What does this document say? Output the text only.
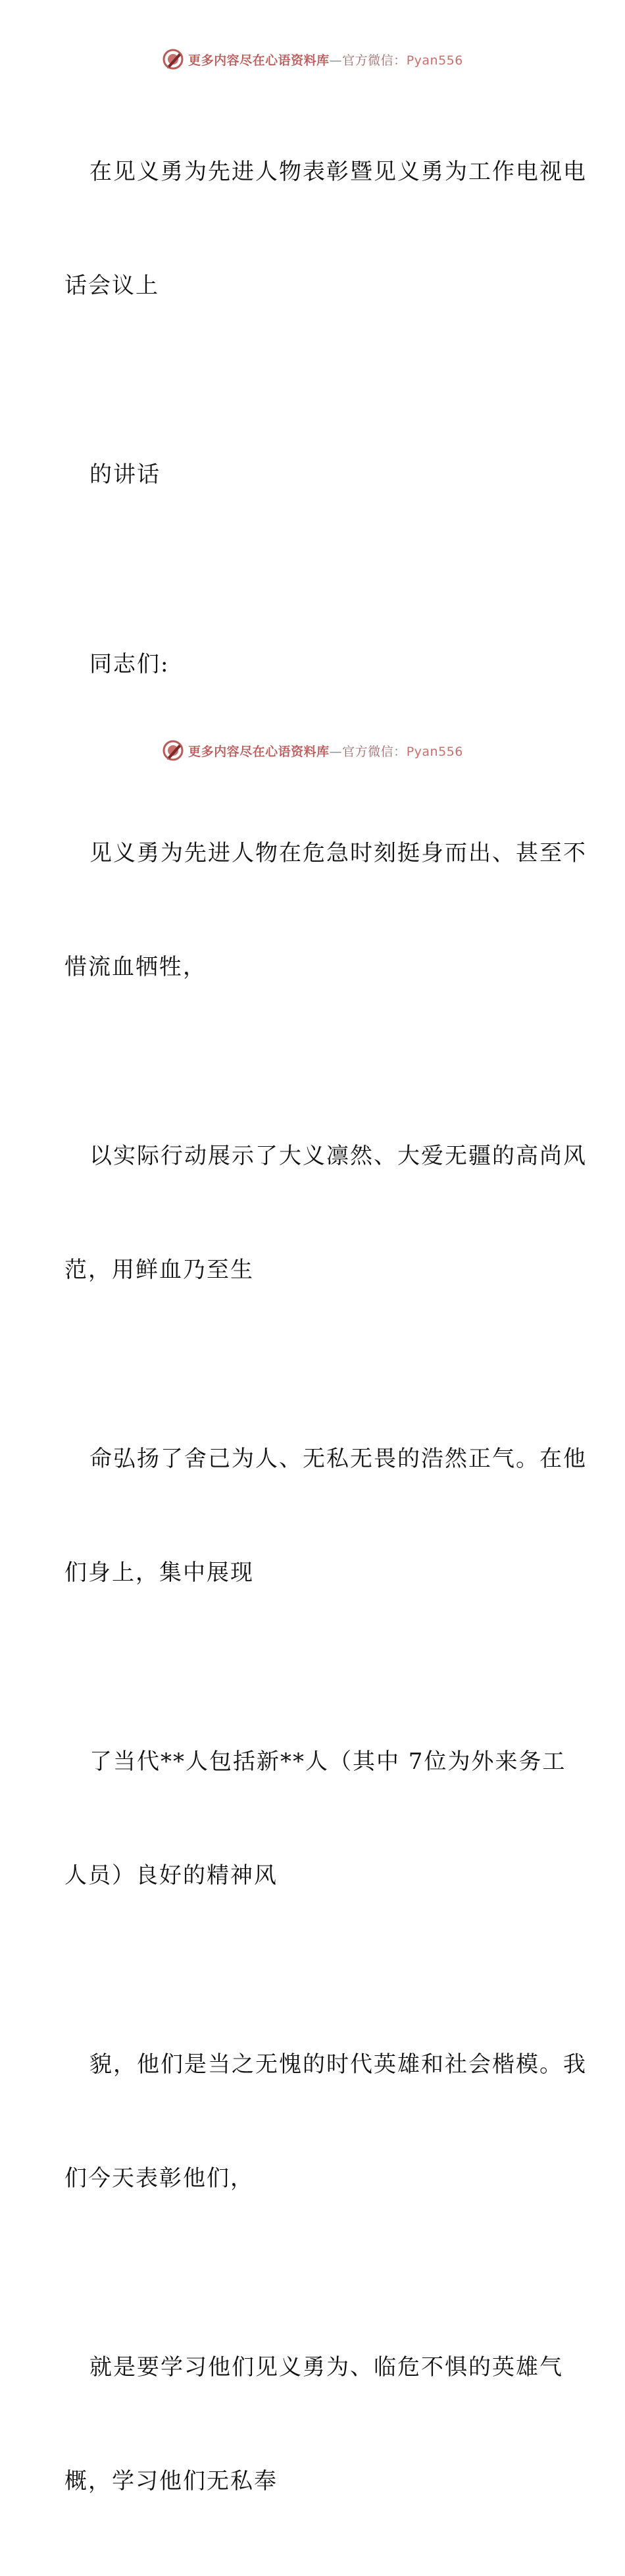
更多内容尽在心语资料库—官方微信：Pyan556

在见义勇为先进人物表彰暨见义勇为工作电视电

话会议上

的讲话

同志们:

见义勇为先进人物在危急时刻挺身而出、甚至不

惜流血牺牲，

以实际行动展示了大义凛然、大爱无疆的高尚风

范，用鲜血乃至生

命弘扬了舍己为人、无私无畏的浩然正气。在他

们身上，集中展现

了当代**人包括新**人（其中 7位为外来务工

人员）良好的精神风

貌，他们是当之无愧的时代英雄和社会楷模。我

们今天表彰他们，

就是要学习他们见义勇为、临危不惧的英雄气

概，学习他们无私奉

更多内容尽在心语资料库—官方微信：Pyan556
